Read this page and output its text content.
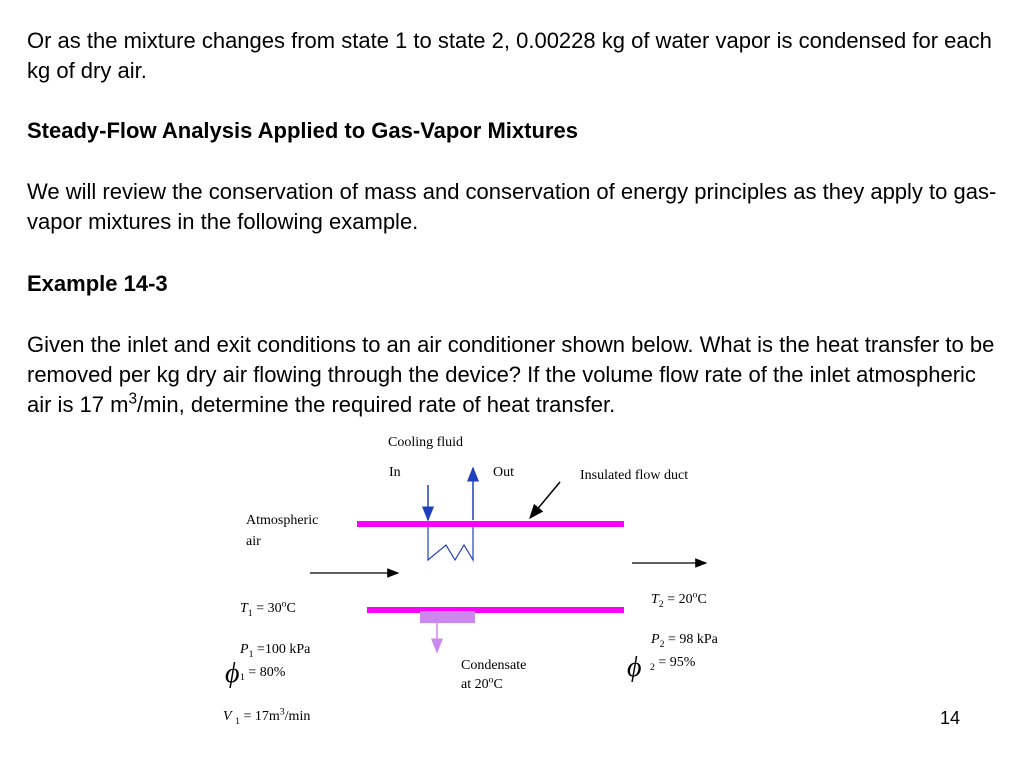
Or as the mixture changes from state 1 to state 2, 0.00228 kg of water vapor is condensed for each kg of dry air.

Steady-Flow Analysis Applied to Gas-Vapor Mixtures

We will review the conservation of mass and conservation of energy principles as they apply to gas-vapor mixtures in the following example.

Example 14-3

Given the inlet and exit conditions to an air conditioner shown below. What is the heat transfer to be removed per kg dry air flowing through the device? If the volume flow rate of the inlet atmospheric air is 17 $m^3/\min$, determine the required rate of heat transfer.

Cooling fluid
In	Out	Insulated flow duct
Atmospheric
air
$T_1 = 30^oC$
$P_1 =100$ kPa
ϕ $_1$ = 80%
V $_1 = 17m^3/\min$
$T_2 = 20^oC$
$P_2 = 98$ kPa
ϕ $_2$ = 95%
Condensate
at 20$^o$C
14
